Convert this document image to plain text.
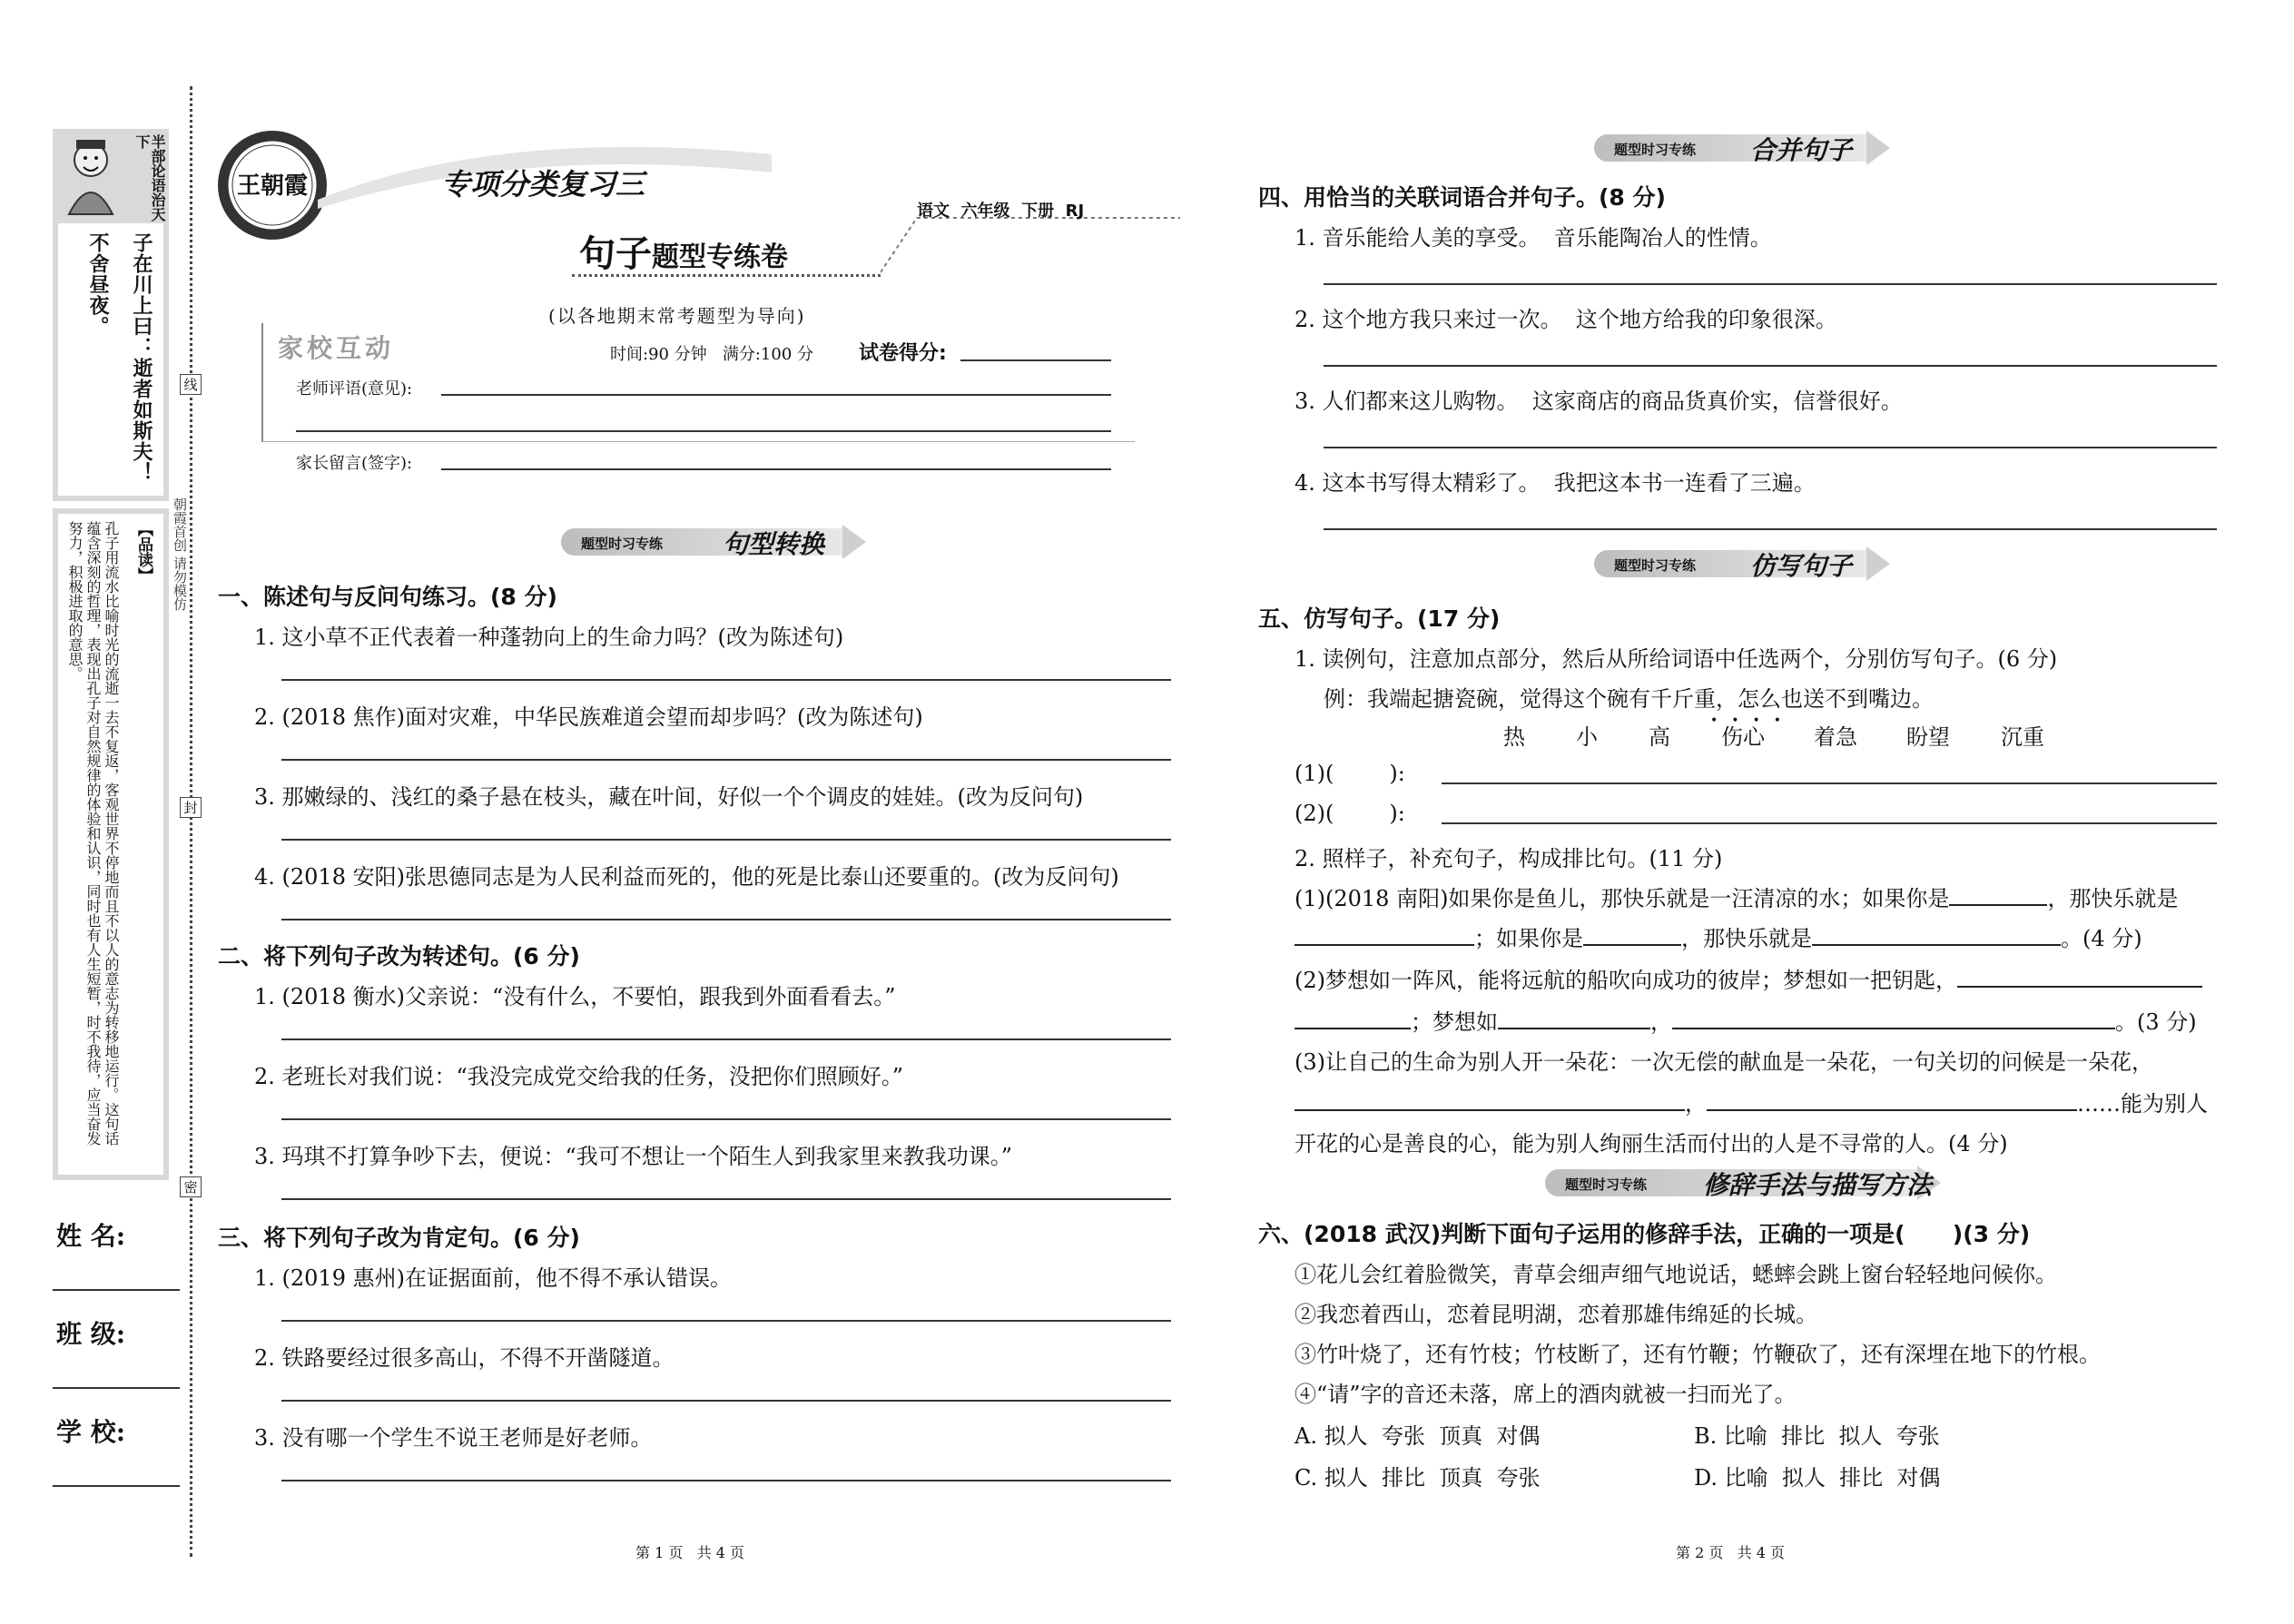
半部论语治天下
子在川上曰：逝者如斯夫！
不舍昼夜。
【品读】
孔子用流水比喻时光的流逝一去不复返，客观世界不停地而且不以人的意志为转移地运行。这句话蕴含深刻的哲理，表现出孔子对自然规律的体验和认识，同时也有人生短暂，时不我待，应当奋发努力，积极进取的意思。
线
封
密
朝霞首创 请勿模仿
姓 名:
班 级:
学 校:
王朝霞	专项分类复习三
句子题型专练卷
语文  六年级  下册  RJ
(以各地期末常考题型为导向)
家校互动	时间:90 分钟   满分:100 分 试卷得分:
老师评语(意见):
家长留言(签字):
题型时习专练 句型转换
一、陈述句与反问句练习。(8 分)
1. 这小草不正代表着一种蓬勃向上的生命力吗？(改为陈述句)
2. (2018 焦作)面对灾难，中华民族难道会望而却步吗？(改为陈述句)
3. 那嫩绿的、浅红的桑子悬在枝头，藏在叶间，好似一个个调皮的娃娃。(改为反问句)
4. (2018 安阳)张思德同志是为人民利益而死的，他的死是比泰山还要重的。(改为反问句)
二、将下列句子改为转述句。(6 分)
1. (2018 衡水)父亲说：“没有什么，不要怕，跟我到外面看看去。”
2. 老班长对我们说：“我没完成党交给我的任务，没把你们照顾好。”
3. 玛琪不打算争吵下去，便说：“我可不想让一个陌生人到我家里来教我功课。”
三、将下列句子改为肯定句。(6 分)
1. (2019 惠州)在证据面前，他不得不承认错误。
2. 铁路要经过很多高山，不得不开凿隧道。
3. 没有哪一个学生不说王老师是好老师。
第 1 页   共 4 页
题型时习专练 合并句子
四、用恰当的关联词语合并句子。(8 分)
1. 音乐能给人美的享受。  音乐能陶冶人的性情。
2. 这个地方我只来过一次。  这个地方给我的印象很深。
3. 人们都来这儿购物。  这家商店的商品货真价实，信誉很好。
4. 这本书写得太精彩了。  我把这本书一连看了三遍。
题型时习专练 仿写句子
五、仿写句子。(17 分)
1. 读例句，注意加点部分，然后从所给词语中任选两个，分别仿写句子。(6 分)
例：我端起搪瓷碗，觉得这个碗有千斤重，怎么也送不到嘴边。
••••
热 小 高 伤心 着急 盼望 沉重
(1)(        ):
(2)(        ):
2. 照样子，补充句子，构成排比句。(11 分)
(1)(2018 南阳)如果你是鱼儿，那快乐就是一汪清凉的水；如果你是	，那快乐就是
；如果你是	，那快乐就是	。(4 分)
(2)梦想如一阵风，能将远航的船吹向成功的彼岸；梦想如一把钥匙，
；梦想如	，	。(3 分)
(3)让自己的生命为别人开一朵花：一次无偿的献血是一朵花，一句关切的问候是一朵花，
，	……能为别人
开花的心是善良的心，能为别人绚丽生活而付出的人是不寻常的人。(4 分)
题型时习专练 修辞手法与描写方法
六、(2018 武汉)判断下面句子运用的修辞手法，正确的一项是(      )(3 分)
①花儿会红着脸微笑，青草会细声细气地说话，蟋蟀会跳上窗台轻轻地问候你。
②我恋着西山，恋着昆明湖，恋着那雄伟绵延的长城。
③竹叶烧了，还有竹枝；竹枝断了，还有竹鞭；竹鞭砍了，还有深埋在地下的竹根。
④“请”字的音还未落，席上的酒肉就被一扫而光了。
A. 拟人  夸张  顶真  对偶	B. 比喻  排比  拟人  夸张
C. 拟人  排比  顶真  夸张	D. 比喻  拟人  排比  对偶
第 2 页   共 4 页
